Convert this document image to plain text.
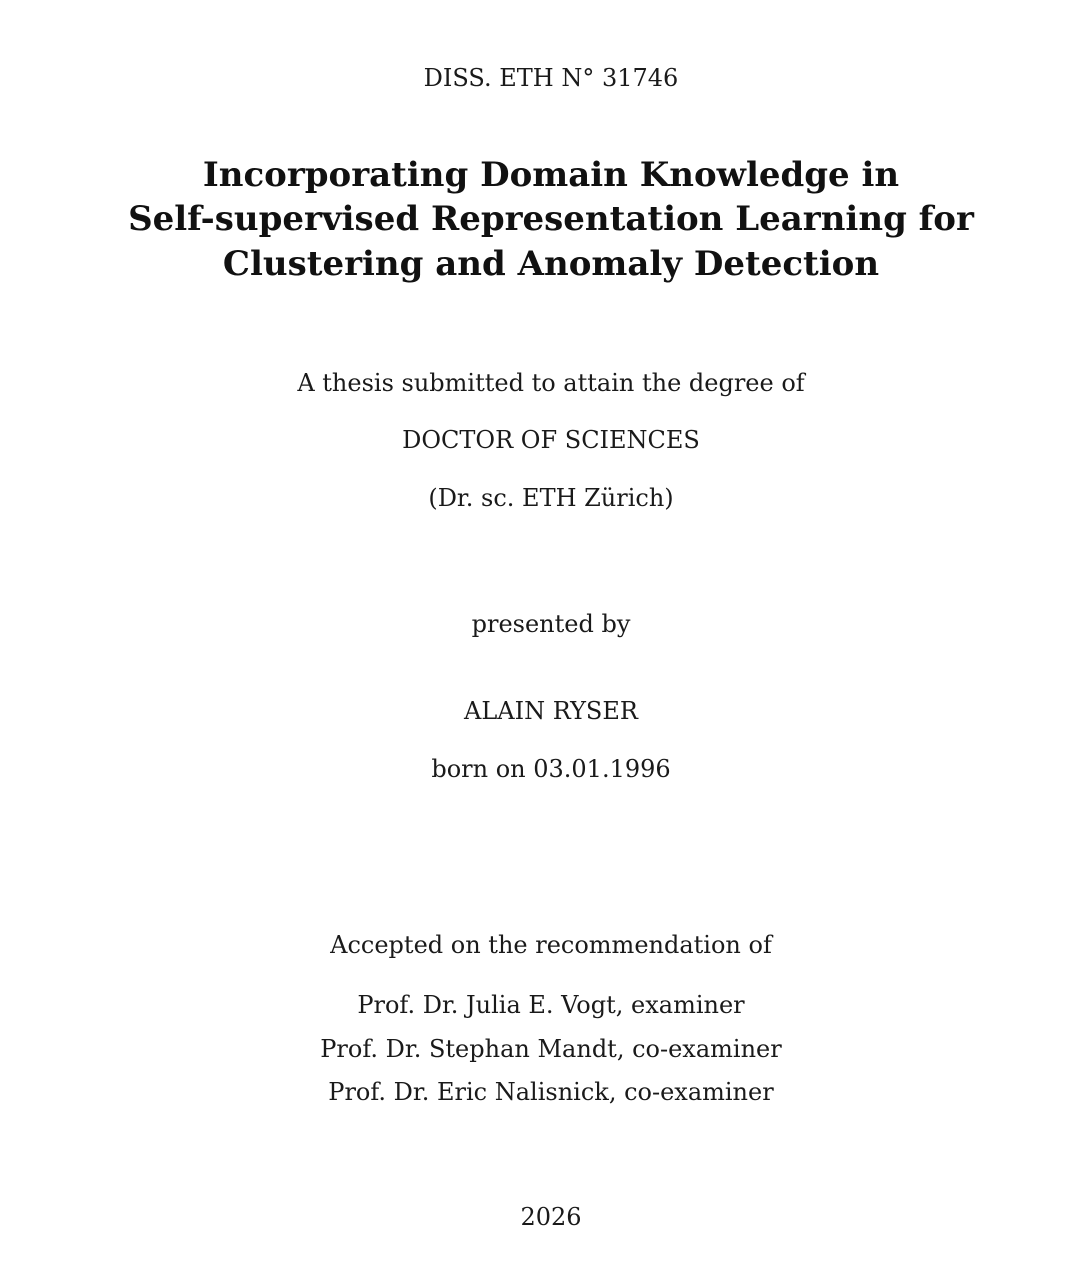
DISS. ETH N° 31746
Incorporating Domain Knowledge in
Self-supervised Representation Learning for
Clustering and Anomaly Detection
A thesis submitted to attain the degree of
DOCTOR OF SCIENCES
(Dr. sc. ETH Zürich)
presented by
ALAIN RYSER
born on 03.01.1996
Accepted on the recommendation of
Prof. Dr. Julia E. Vogt, examiner
Prof. Dr. Stephan Mandt, co-examiner
Prof. Dr. Eric Nalisnick, co-examiner
2026
